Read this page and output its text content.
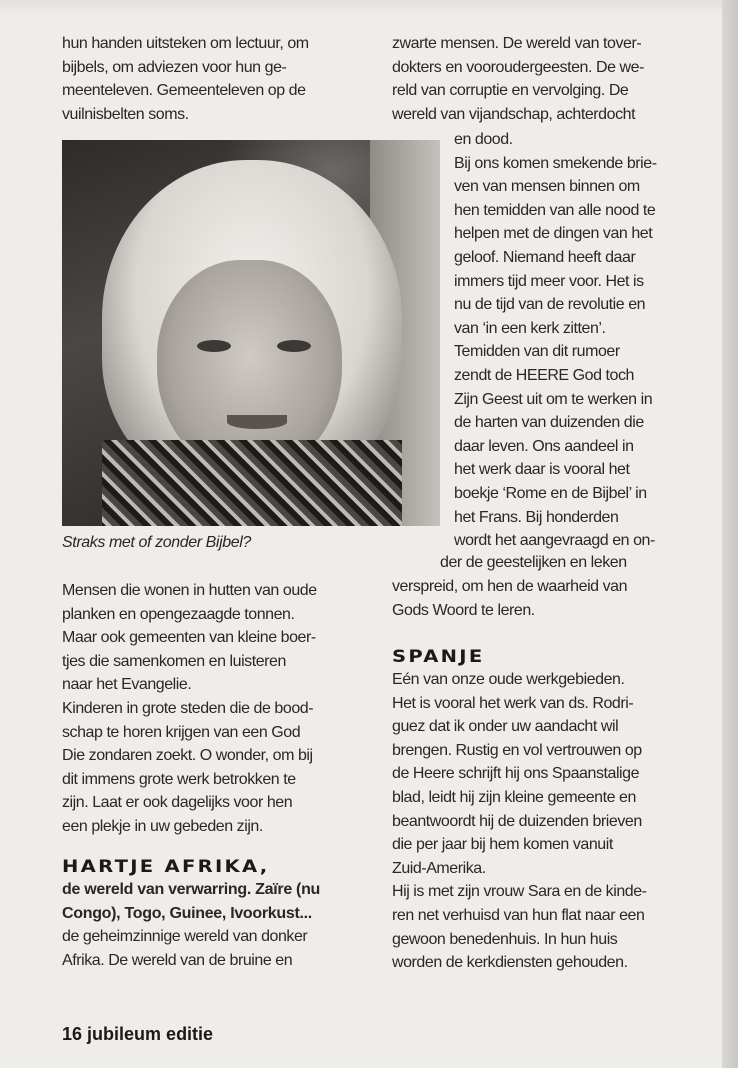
hun handen uitsteken om lectuur, om
bijbels, om adviezen voor hun ge-
meenteleven. Gemeenteleven op de
vuilnisbelten soms.
Straks met of zonder Bijbel?
Mensen die wonen in hutten van oude
planken en opengezaagde tonnen.
Maar ook gemeenten van kleine boer-
tjes die samenkomen en luisteren
naar het Evangelie.
Kinderen in grote steden die de bood-
schap te horen krijgen van een God
Die zondaren zoekt. O wonder, om bij
dit immens grote werk betrokken te
zijn. Laat er ook dagelijks voor hen
een plekje in uw gebeden zijn.
HARTJE AFRIKA,
de wereld van verwarring. Zaïre (nu
Congo), Togo, Guinee, Ivoorkust...
de geheimzinnige wereld van donker
Afrika. De wereld van de bruine en
zwarte mensen. De wereld van tover-
dokters en vooroudergeesten. De we-
reld van corruptie en vervolging. De
wereld van vijandschap, achterdocht
en dood.
Bij ons komen smekende brie-
ven van mensen binnen om
hen temidden van alle nood te
helpen met de dingen van het
geloof. Niemand heeft daar
immers tijd meer voor. Het is
nu de tijd van de revolutie en
van ‘in een kerk zitten’.
Temidden van dit rumoer
zendt de HEERE God toch
Zijn Geest uit om te werken in
de harten van duizenden die
daar leven. Ons aandeel in
het werk daar is vooral het
boekje ‘Rome en de Bijbel’ in
het Frans. Bij honderden
wordt het aangevraagd en on-
der de geestelijken en leken
verspreid, om hen de waarheid van
Gods Woord te leren.
SPANJE
Eén van onze oude werkgebieden.
Het is vooral het werk van ds. Rodri-
guez dat ik onder uw aandacht wil
brengen. Rustig en vol vertrouwen op
de Heere schrijft hij ons Spaanstalige
blad, leidt hij zijn kleine gemeente en
beantwoordt hij de duizenden brieven
die per jaar bij hem komen vanuit
Zuid-Amerika.
Hij is met zijn vrouw Sara en de kinde-
ren net verhuisd van hun flat naar een
gewoon benedenhuis. In hun huis
worden de kerkdiensten gehouden.
16 jubileum editie
